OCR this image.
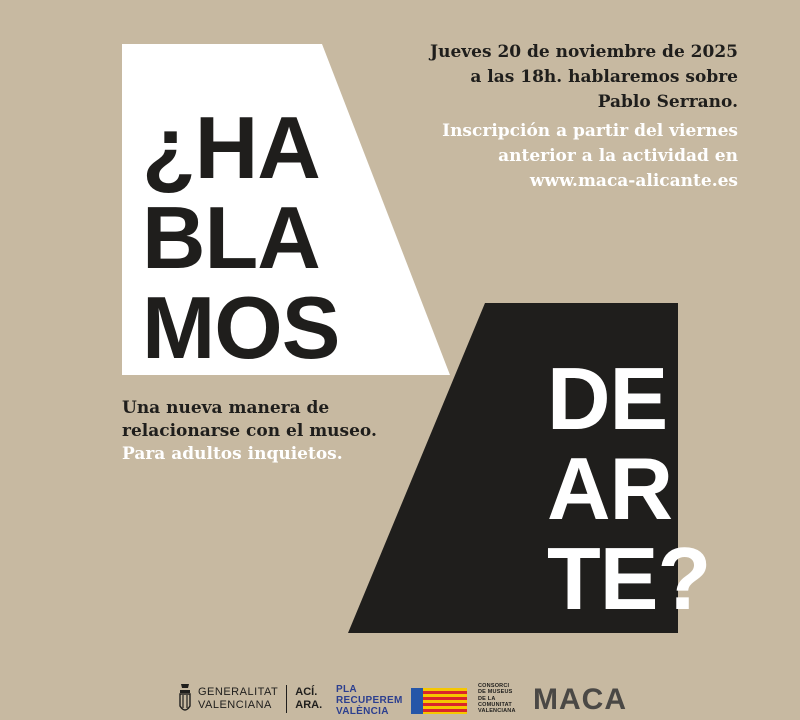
¿HA
BLA
MOS
DE
AR
TE?
Jueves 20 de noviembre de 2025
a las 18h. hablaremos sobre
Pablo Serrano.
Inscripción a partir del viernes
anterior a la actividad en
www.maca-alicante.es
Una nueva manera de
relacionarse con el museo.
Para adultos inquietos.
GENERALITAT
VALENCIANA
ACÍ.
ARA.
PLA
RECUPEREM
VALÈNCIA
CONSORCI
DE MUSEUS
DE LA
COMUNITAT
VALENCIANA MACA
